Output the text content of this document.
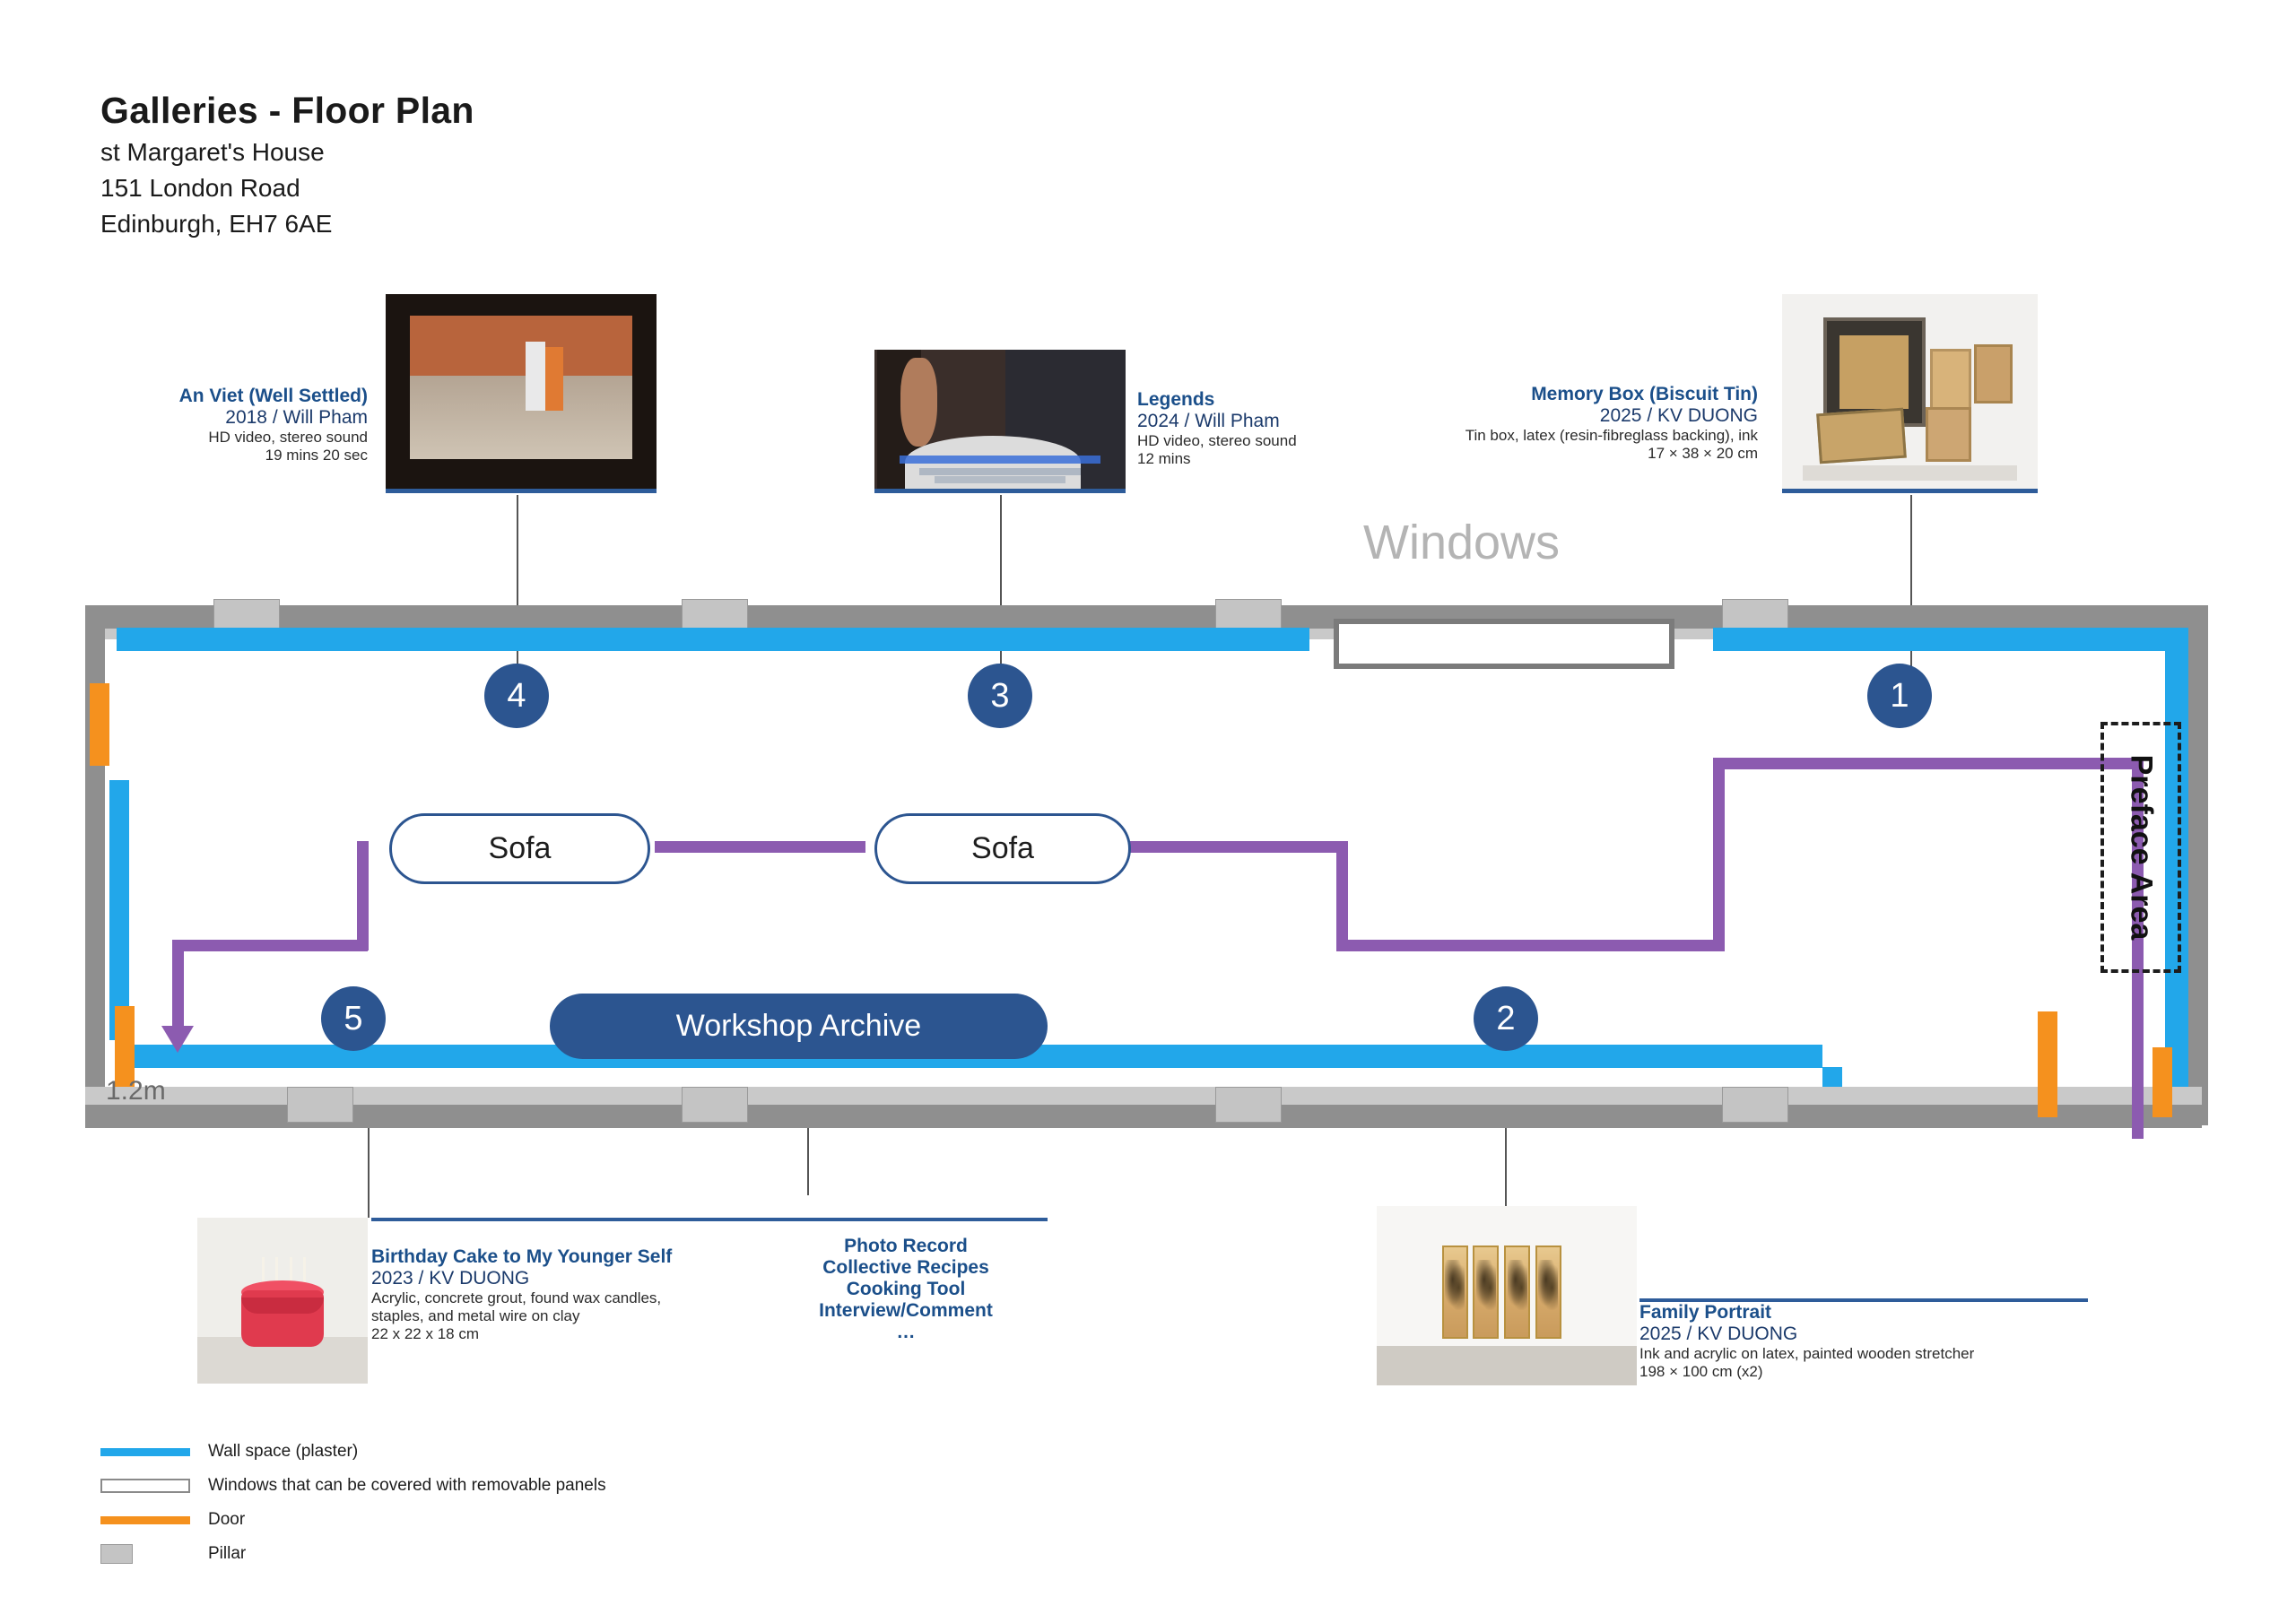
Galleries - Floor Plan
st Margaret's House
151 London Road
Edinburgh, EH7 6AE
An Viet (Well Settled)
2018 / Will Pham
HD video, stereo sound
19 mins 20 sec
Legends
2024 / Will Pham
HD video, stereo sound
12 mins
Memory Box (Biscuit Tin)
2025 / KV DUONG
Tin box, latex (resin-fibreglass backing), ink
17 × 38 × 20 cm
Windows
1.2m
Preface Area
Sofa	Sofa
Workshop Archive
1
2
3
4
5
Birthday Cake to My Younger Self
2023 / KV DUONG
Acrylic, concrete grout, found wax candles,
staples, and metal wire on clay
22 x 22 x 18 cm
Photo Record
Collective Recipes
Cooking Tool
Interview/Comment
…
Family Portrait
2025 / KV DUONG
Ink and acrylic on latex, painted wooden stretcher
198 × 100 cm (x2)
Wall space (plaster)
Windows that can be covered with removable panels
Door
Pillar
